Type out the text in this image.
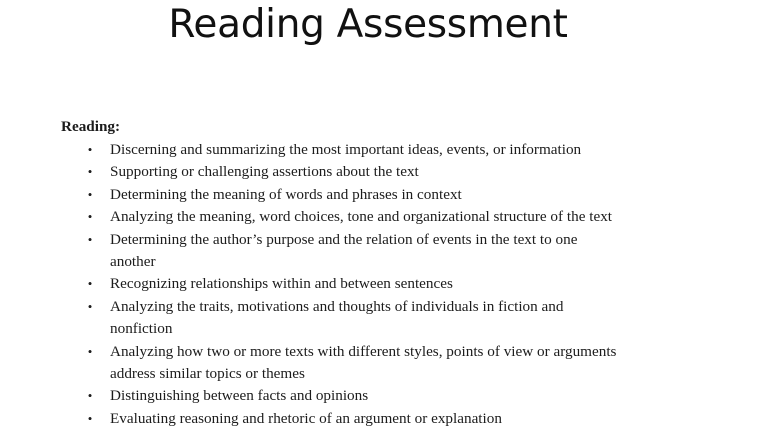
Reading Assessment

Reading:

• Discerning and summarizing the most important ideas, events, or information
• Supporting or challenging assertions about the text
• Determining the meaning of words and phrases in context
• Analyzing the meaning, word choices, tone and organizational structure of the text
• Determining the author’s purpose and the relation of events in the text to one
another
• Recognizing relationships within and between sentences
• Analyzing the traits, motivations and thoughts of individuals in fiction and
nonfiction
• Analyzing how two or more texts with different styles, points of view or arguments
address similar topics or themes
• Distinguishing between facts and opinions
• Evaluating reasoning and rhetoric of an argument or explanation
